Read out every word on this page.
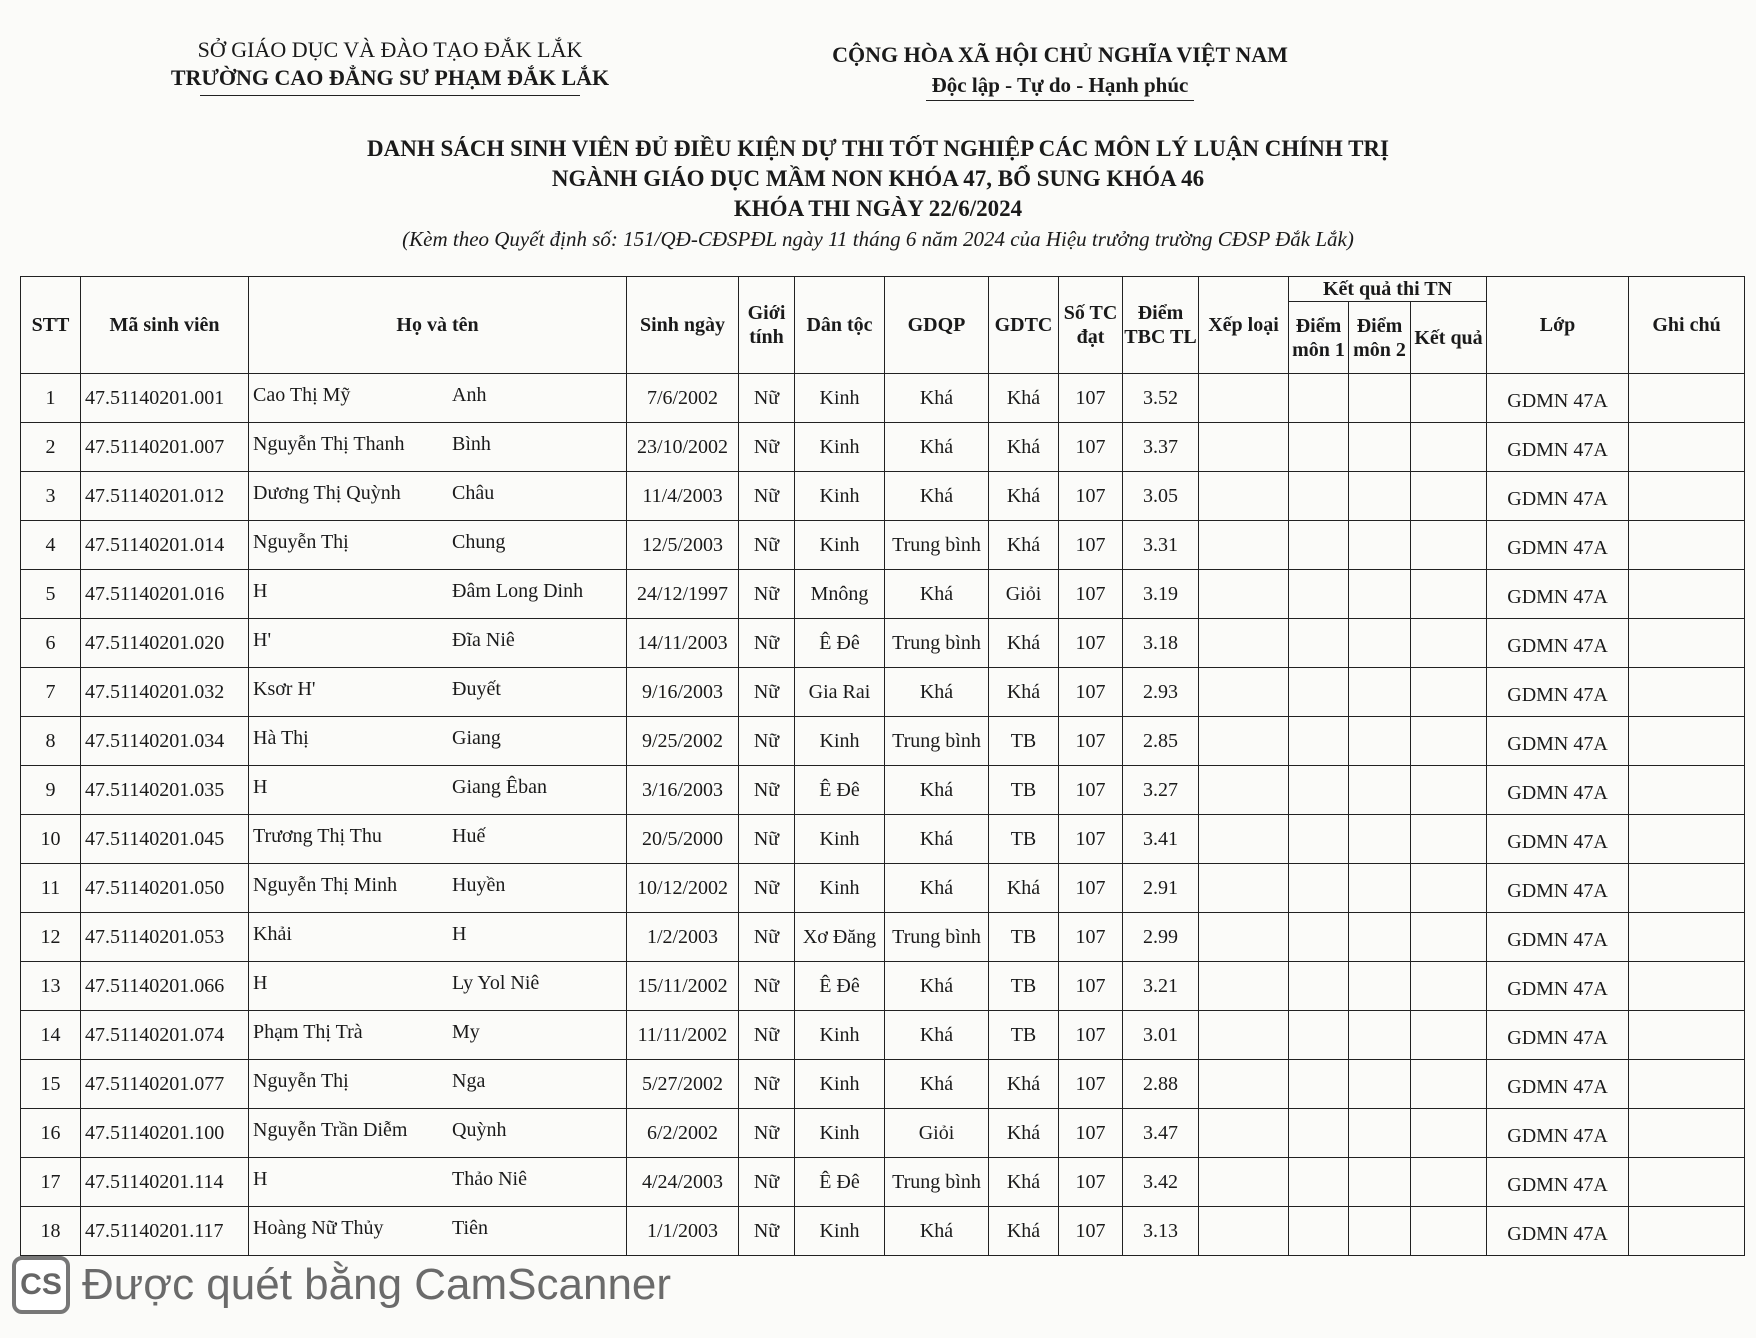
SỞ GIÁO DỤC VÀ ĐÀO TẠO ĐẮK LẮK
TRƯỜNG CAO ĐẲNG SƯ PHẠM ĐẮK LẮK
CỘNG HÒA XÃ HỘI CHỦ NGHĨA VIỆT NAM
Độc lập - Tự do - Hạnh phúc
DANH SÁCH SINH VIÊN ĐỦ ĐIỀU KIỆN DỰ THI TỐT NGHIỆP CÁC MÔN LÝ LUẬN CHÍNH TRỊ
NGÀNH GIÁO DỤC MẦM NON KHÓA 47, BỔ SUNG KHÓA 46
KHÓA THI NGÀY 22/6/2024
(Kèm theo Quyết định số: 151/QĐ-CĐSPĐL ngày 11 tháng 6 năm 2024 của Hiệu trưởng trường CĐSP Đắk Lắk)
STT	Mã sinh viên	Họ và tên	Sinh ngày	Giới tính	Dân tộc	GDQP	GDTC	Số TC đạt	Điểm TBC TL	Xếp loại	Kết quả thi TN			Lớp	Ghi chú
											Điểm môn 1	Điểm môn 2	Kết quả		
1	47.51140201.001	Cao Thị Mỹ Anh	7/6/2002	Nữ	Kinh	Khá	Khá	107	3.52					GDMN 47A	
2	47.51140201.007	Nguyễn Thị Thanh Bình	23/10/2002	Nữ	Kinh	Khá	Khá	107	3.37					GDMN 47A	
3	47.51140201.012	Dương Thị Quỳnh Châu	11/4/2003	Nữ	Kinh	Khá	Khá	107	3.05					GDMN 47A	
4	47.51140201.014	Nguyễn Thị Chung	12/5/2003	Nữ	Kinh	Trung bình	Khá	107	3.31					GDMN 47A	
5	47.51140201.016	H Đâm Long Dinh	24/12/1997	Nữ	Mnông	Khá	Giỏi	107	3.19					GDMN 47A	
6	47.51140201.020	H' Đĩa Niê	14/11/2003	Nữ	Ê Đê	Trung bình	Khá	107	3.18					GDMN 47A	
7	47.51140201.032	Ksơr H' Đuyết	9/16/2003	Nữ	Gia Rai	Khá	Khá	107	2.93					GDMN 47A	
8	47.51140201.034	Hà Thị Giang	9/25/2002	Nữ	Kinh	Trung bình	TB	107	2.85					GDMN 47A	
9	47.51140201.035	H Giang Êban	3/16/2003	Nữ	Ê Đê	Khá	TB	107	3.27					GDMN 47A	
10	47.51140201.045	Trương Thị Thu Huế	20/5/2000	Nữ	Kinh	Khá	TB	107	3.41					GDMN 47A	
11	47.51140201.050	Nguyễn Thị Minh Huyền	10/12/2002	Nữ	Kinh	Khá	Khá	107	2.91					GDMN 47A	
12	47.51140201.053	Khải H	1/2/2003	Nữ	Xơ Đăng	Trung bình	TB	107	2.99					GDMN 47A	
13	47.51140201.066	H Ly Yol Niê	15/11/2002	Nữ	Ê Đê	Khá	TB	107	3.21					GDMN 47A	
14	47.51140201.074	Phạm Thị Trà My	11/11/2002	Nữ	Kinh	Khá	TB	107	3.01					GDMN 47A	
15	47.51140201.077	Nguyễn Thị Nga	5/27/2002	Nữ	Kinh	Khá	Khá	107	2.88					GDMN 47A	
16	47.51140201.100	Nguyễn Trần Diễm Quỳnh	6/2/2002	Nữ	Kinh	Giỏi	Khá	107	3.47					GDMN 47A	
17	47.51140201.114	H Thảo Niê	4/24/2003	Nữ	Ê Đê	Trung bình	Khá	107	3.42					GDMN 47A	
18	47.51140201.117	Hoàng Nữ Thủy Tiên	1/1/2003	Nữ	Kinh	Khá	Khá	107	3.13					GDMN 47A	
CS Được quét bằng CamScanner
